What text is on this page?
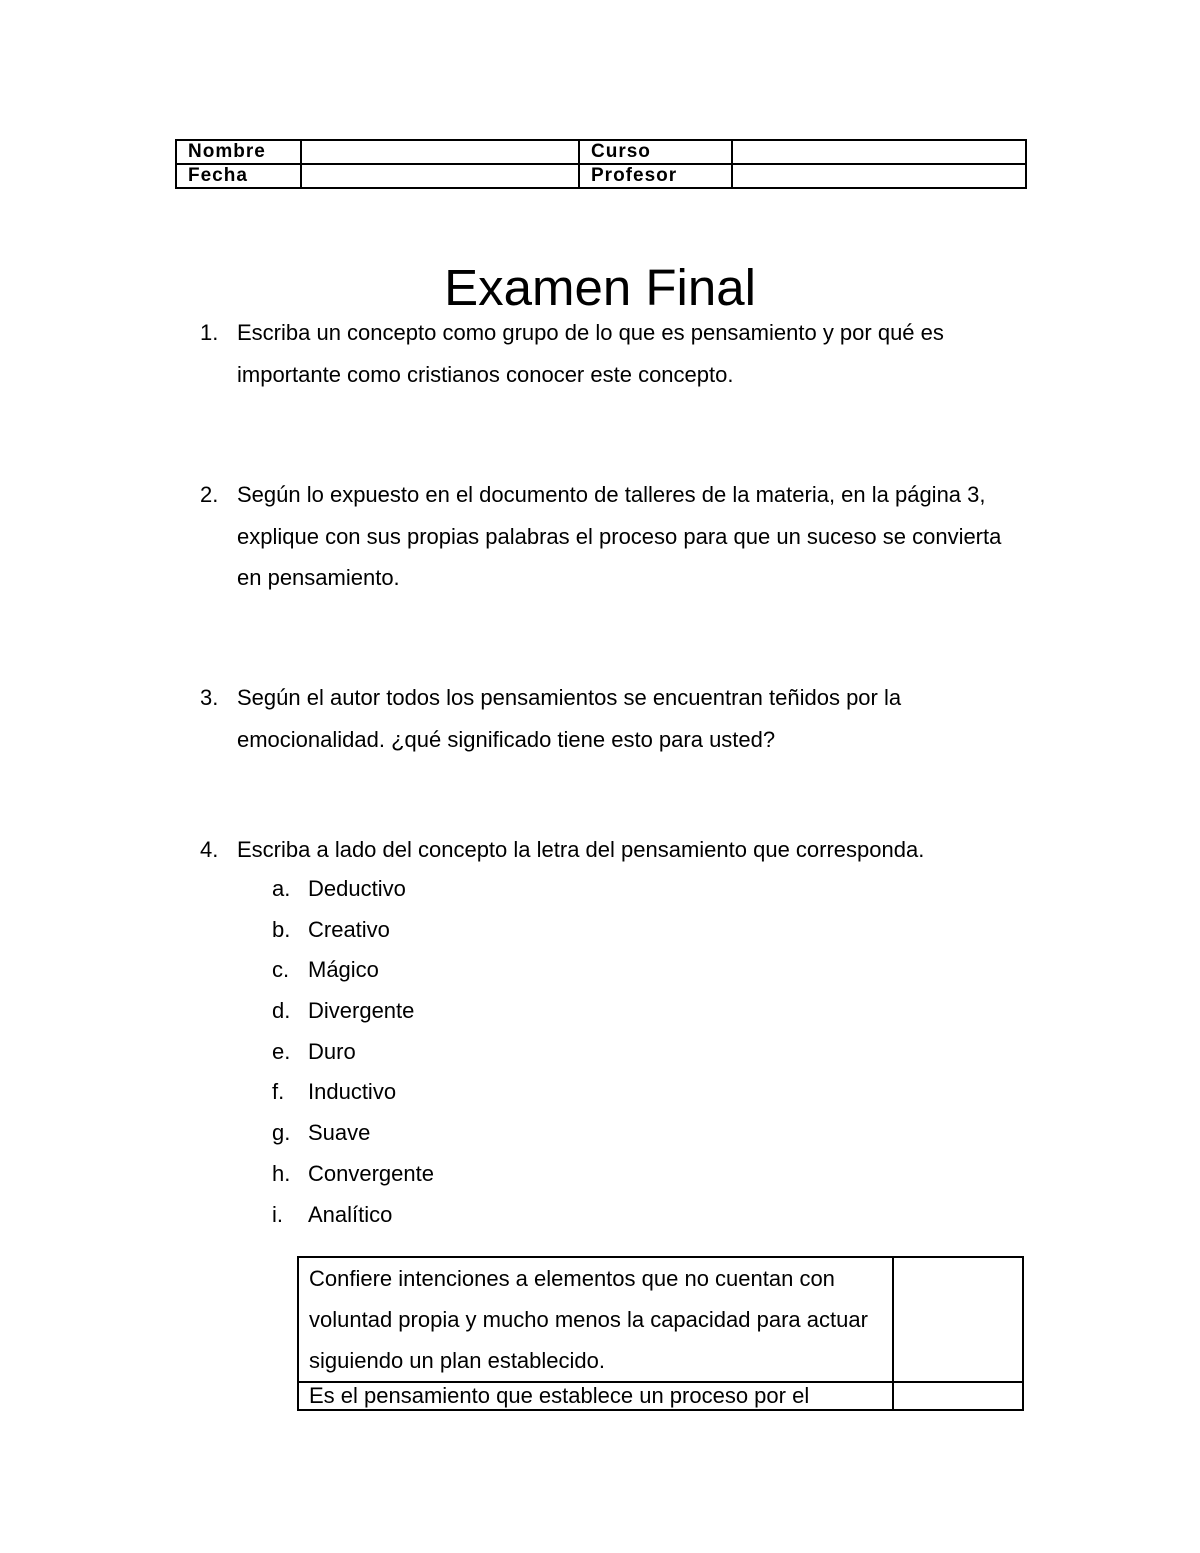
Nombre		Curso	
Fecha		Profesor	
Examen Final
1. Escriba un concepto como grupo de lo que es pensamiento y por qué es importante como cristianos conocer este concepto.
2. Según lo expuesto en el documento de talleres de la materia, en la página 3, explique con sus propias palabras el proceso para que un suceso se convierta en pensamiento.
3. Según el autor todos los pensamientos se encuentran teñidos por la emocionalidad. ¿qué significado tiene esto para usted?
4. Escriba a lado del concepto la letra del pensamiento que corresponda.
a. Deductivo
b. Creativo
c. Mágico
d. Divergente
e. Duro
f. Inductivo
g. Suave
h. Convergente
i. Analítico
Confiere intenciones a elementos que no cuentan con voluntad propia y mucho menos la capacidad para actuar siguiendo un plan establecido.	
Es el pensamiento que establece un proceso por el	
